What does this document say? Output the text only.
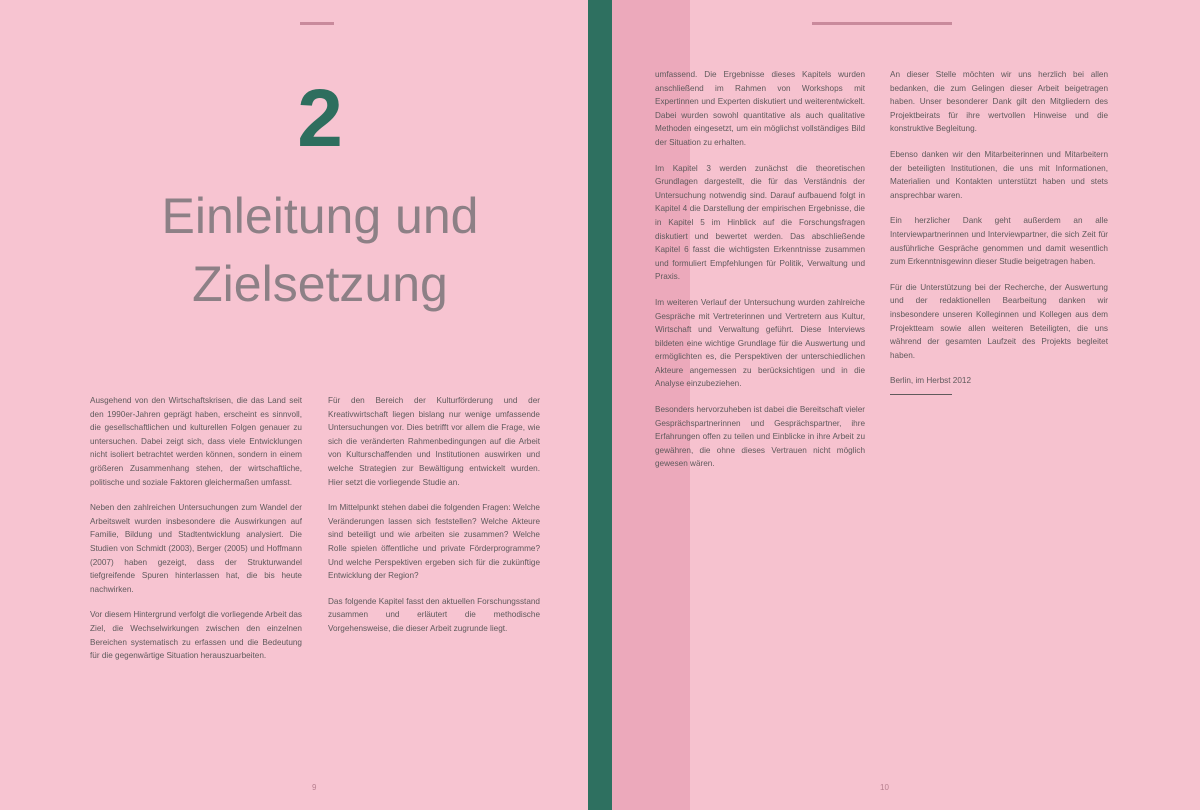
2
Einleitung und
Zielsetzung

Ausgehend von den Wirtschaftskrisen, die das Land seit den 1990er-Jahren geprägt haben, erscheint es sinnvoll, die gesellschaftlichen und kulturellen Folgen genauer zu untersuchen. Dabei zeigt sich, dass viele Entwicklungen nicht isoliert betrachtet werden können, sondern in einem größeren Zusammenhang stehen, der wirtschaftliche, politische und soziale Faktoren gleichermaßen umfasst.

Neben den zahlreichen Untersuchungen zum Wandel der Arbeitswelt wurden insbesondere die Auswirkungen auf Familie, Bildung und Stadtentwicklung analysiert. Die Studien von Schmidt (2003), Berger (2005) und Hoffmann (2007) haben gezeigt, dass der Strukturwandel tiefgreifende Spuren hinterlassen hat, die bis heute nachwirken.

Vor diesem Hintergrund verfolgt die vorliegende Arbeit das Ziel, die Wechselwirkungen zwischen den einzelnen Bereichen systematisch zu erfassen und die Bedeutung für die gegenwärtige Situation herauszuarbeiten.

Für den Bereich der Kulturförderung und der Kreativwirtschaft liegen bislang nur wenige umfassende Untersuchungen vor. Dies betrifft vor allem die Frage, wie sich die veränderten Rahmenbedingungen auf die Arbeit von Kulturschaffenden und Institutionen auswirken und welche Strategien zur Bewältigung entwickelt wurden. Hier setzt die vorliegende Studie an.

Im Mittelpunkt stehen dabei die folgenden Fragen: Welche Veränderungen lassen sich feststellen? Welche Akteure sind beteiligt und wie arbeiten sie zusammen? Welche Rolle spielen öffentliche und private Förderprogramme? Und welche Perspektiven ergeben sich für die zukünftige Entwicklung der Region?

Das folgende Kapitel fasst den aktuellen Forschungsstand zusammen und erläutert die methodische Vorgehensweise, die dieser Arbeit zugrunde liegt.

9

umfassend. Die Ergebnisse dieses Kapitels wurden anschließend im Rahmen von Workshops mit Expertinnen und Experten diskutiert und weiterentwickelt. Dabei wurden sowohl quantitative als auch qualitative Methoden eingesetzt, um ein möglichst vollständiges Bild der Situation zu erhalten.

Im Kapitel 3 werden zunächst die theoretischen Grundlagen dargestellt, die für das Verständnis der Untersuchung notwendig sind. Darauf aufbauend folgt in Kapitel 4 die Darstellung der empirischen Ergebnisse, die in Kapitel 5 im Hinblick auf die Forschungsfragen diskutiert und bewertet werden. Das abschließende Kapitel 6 fasst die wichtigsten Erkenntnisse zusammen und formuliert Empfehlungen für Politik, Verwaltung und Praxis.

Im weiteren Verlauf der Untersuchung wurden zahlreiche Gespräche mit Vertreterinnen und Vertretern aus Kultur, Wirtschaft und Verwaltung geführt. Diese Interviews bildeten eine wichtige Grundlage für die Auswertung und ermöglichten es, die Perspektiven der unterschiedlichen Akteure angemessen zu berücksichtigen und in die Analyse einzubeziehen.

Besonders hervorzuheben ist dabei die Bereitschaft vieler Gesprächspartnerinnen und Gesprächspartner, ihre Erfahrungen offen zu teilen und Einblicke in ihre Arbeit zu gewähren, die ohne dieses Vertrauen nicht möglich gewesen wären.

An dieser Stelle möchten wir uns herzlich bei allen bedanken, die zum Gelingen dieser Arbeit beigetragen haben. Unser besonderer Dank gilt den Mitgliedern des Projektbeirats für ihre wertvollen Hinweise und die konstruktive Begleitung.

Ebenso danken wir den Mitarbeiterinnen und Mitarbeitern der beteiligten Institutionen, die uns mit Informationen, Materialien und Kontakten unterstützt haben und stets ansprechbar waren.

Ein herzlicher Dank geht außerdem an alle Interviewpartnerinnen und Interviewpartner, die sich Zeit für ausführliche Gespräche genommen und damit wesentlich zum Erkenntnisgewinn dieser Studie beigetragen haben.

Für die Unterstützung bei der Recherche, der Auswertung und der redaktionellen Bearbeitung danken wir insbesondere unseren Kolleginnen und Kollegen aus dem Projektteam sowie allen weiteren Beteiligten, die uns während der gesamten Laufzeit des Projekts begleitet haben.

Berlin, im Herbst 2012

10
